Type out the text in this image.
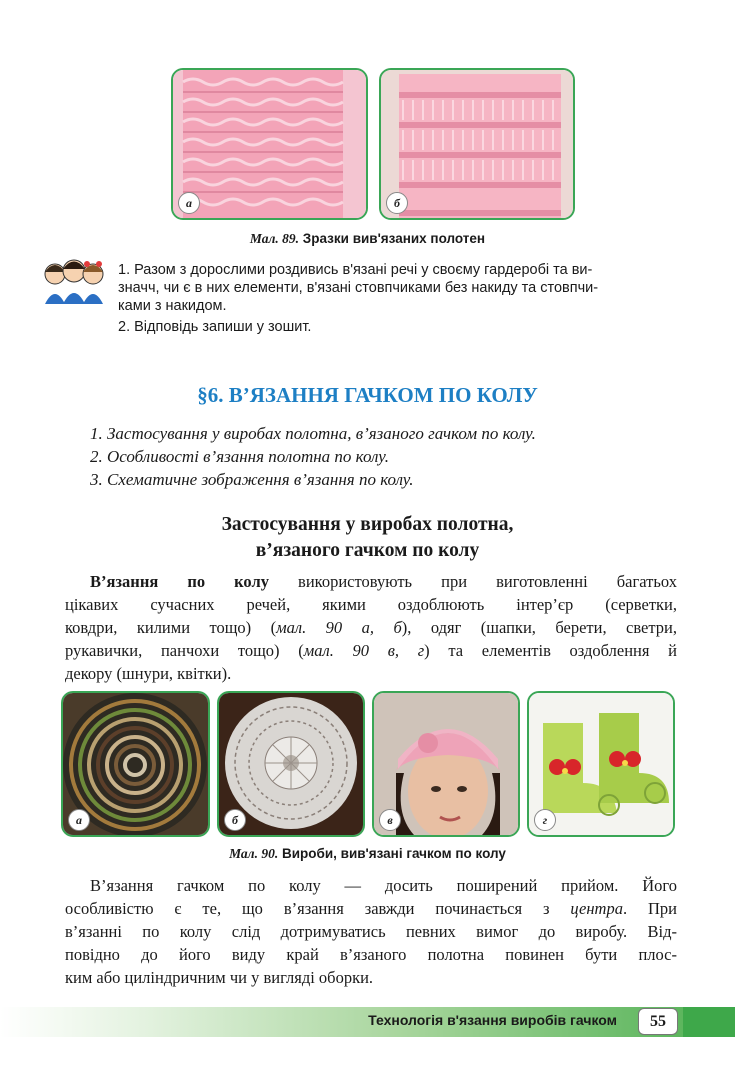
а	б
Мал. 89. Зразки вив'язаних полотен
1. Разом з дорослими роздивись в'язані речі у своєму гардеробі та ви-
значч, чи є в них елементи, в'язані стовпчиками без накиду та стовпчи-
ками з накидом.
2. Відповідь запиши у зошит.
§6. В’ЯЗАННЯ ГАЧКОМ ПО КОЛУ
1. Застосування у виробах полотна, в’язаного гачком по колу.
2. Особливості в’язання полотна по колу.
3. Схематичне зображення в’язання по колу.
Застосування у виробах полотна,
в’язаного гачком по колу
В’язання по колу використовують при виготовленні багатьох
цікавих сучасних речей, якими оздоблюють інтер’єр (серветки,
ковдри, килими тощо) (мал. 90 а, б), одяг (шапки, берети, светри,
рукавички, панчохи тощо) (мал. 90 в, г) та елементів оздоблення й
декору (шнури, квітки).
а	б	в	г
Мал. 90. Вироби, вив'язані гачком по колу
В’язання гачком по колу — досить поширений прийом. Його
особливістю є те, що в’язання завжди починається з центра. При
в’язанні по колу слід дотримуватись певних вимог до виробу. Від-
повідно до його виду край в’язаного полотна повинен бути плос-
ким або циліндричним чи у вигляді оборки.
Технологія в'язання виробів гачком	55
